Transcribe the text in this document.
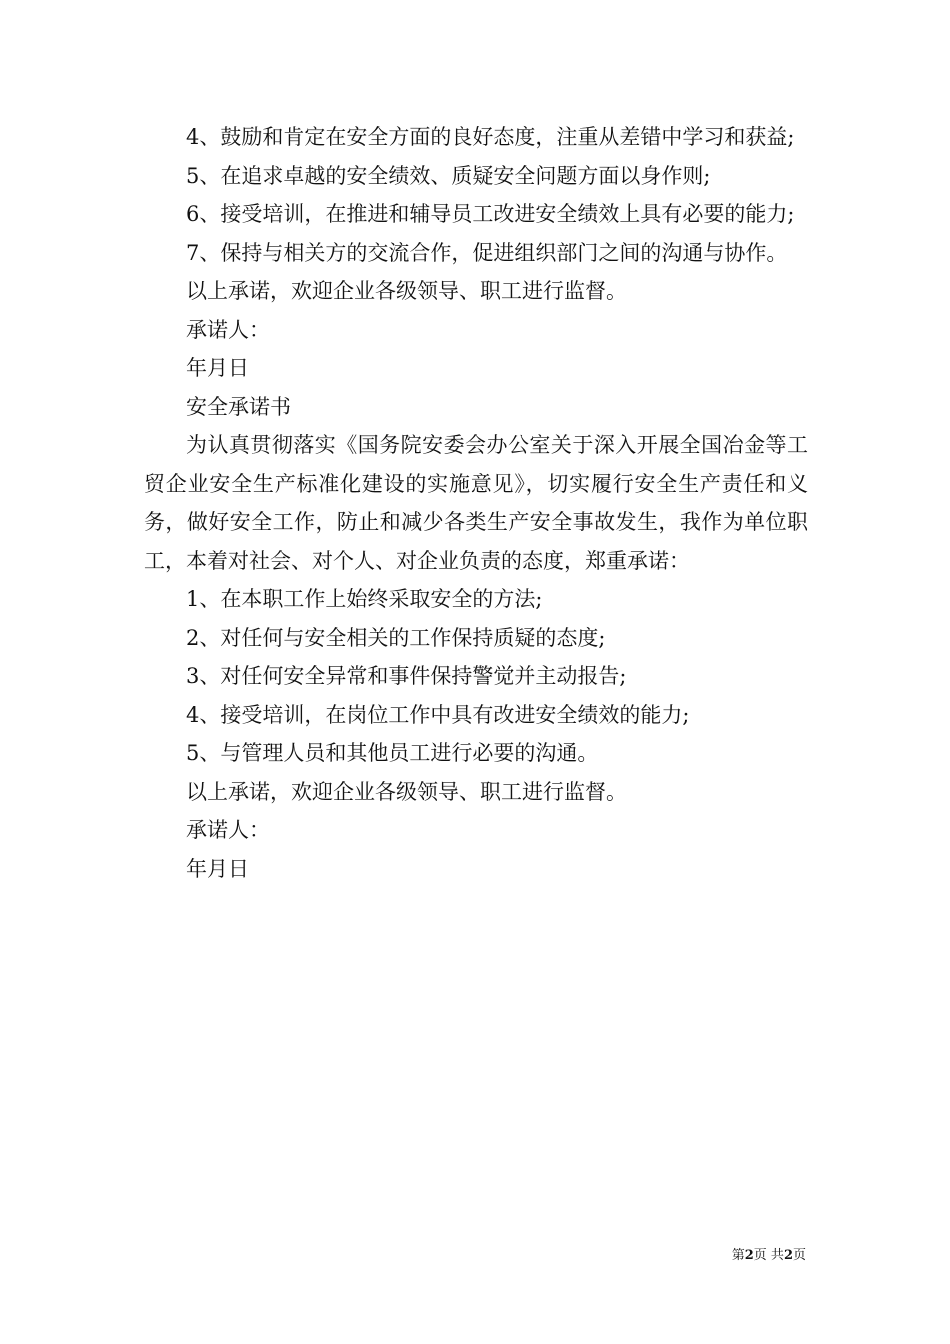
4、鼓励和肯定在安全方面的良好态度，注重从差错中学习和获益;

5、在追求卓越的安全绩效、质疑安全问题方面以身作则;

6、接受培训，在推进和辅导员工改进安全绩效上具有必要的能力;

7、保持与相关方的交流合作，促进组织部门之间的沟通与协作。

以上承诺，欢迎企业各级领导、职工进行监督。

承诺人：

年月日

安全承诺书

为认真贯彻落实《国务院安委会办公室关于深入开展全国冶金等工贸企业安全生产标准化建设的实施意见》，切实履行安全生产责任和义务，做好安全工作，防止和减少各类生产安全事故发生，我作为单位职工，本着对社会、对个人、对企业负责的态度，郑重承诺：

1、在本职工作上始终采取安全的方法;

2、对任何与安全相关的工作保持质疑的态度;

3、对任何安全异常和事件保持警觉并主动报告;

4、接受培训，在岗位工作中具有改进安全绩效的能力;

5、与管理人员和其他员工进行必要的沟通。

以上承诺，欢迎企业各级领导、职工进行监督。

承诺人：

年月日

第2页 共2页
